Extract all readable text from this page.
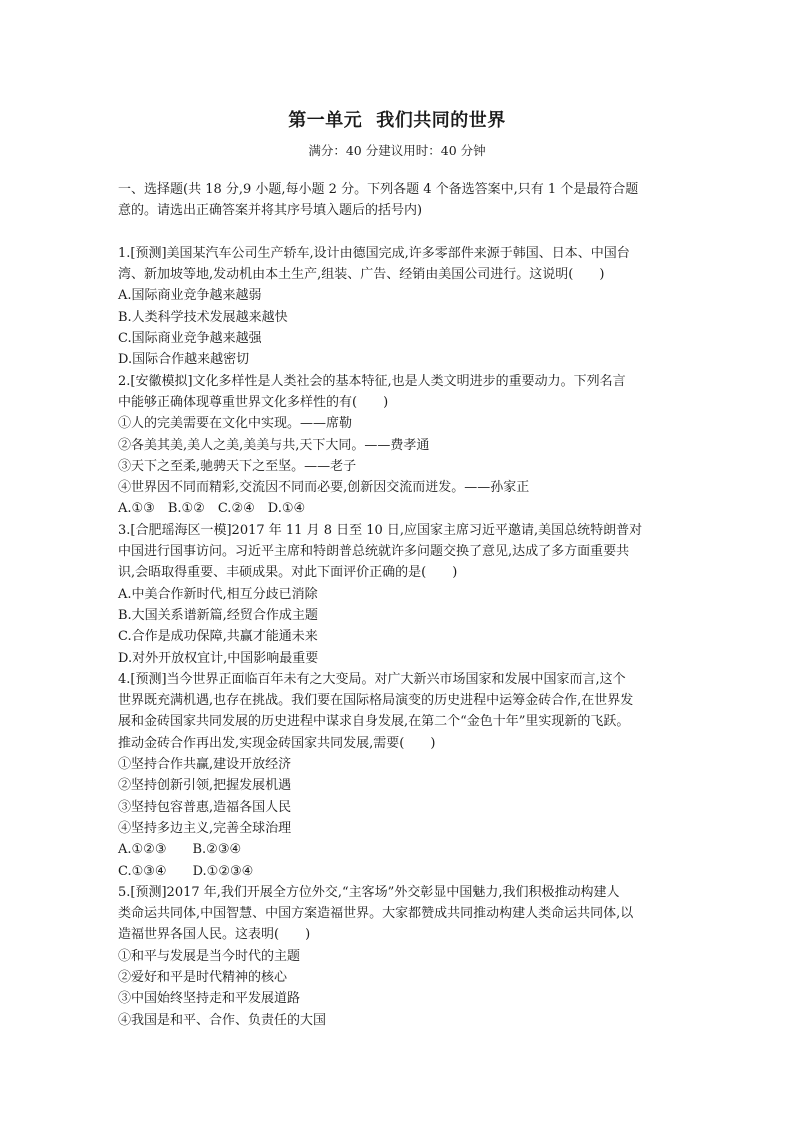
第一单元 我们共同的世界
满分：40 分建议用时：40 分钟

一、选择题(共 18 分,9 小题,每小题 2 分。下列各题 4 个备选答案中,只有 1 个是最符合题

意的。请选出正确答案并将其序号填入题后的括号内)

1.[预测]美国某汽车公司生产轿车,设计由德国完成,许多零部件来源于韩国、日本、中国台

湾、新加坡等地,发动机由本土生产,组装、广告、经销由美国公司进行。这说明(　　)

A.国际商业竞争越来越弱

B.人类科学技术发展越来越快

C.国际商业竞争越来越强

D.国际合作越来越密切

2.[安徽模拟]文化多样性是人类社会的基本特征,也是人类文明进步的重要动力。下列名言

中能够正确体现尊重世界文化多样性的有(　　)

①人的完美需要在文化中实现。——席勒

②各美其美,美人之美,美美与共,天下大同。——费孝通

③天下之至柔,驰骋天下之至坚。——老子

④世界因不同而精彩,交流因不同而必要,创新因交流而迸发。——孙家正

A.①③　B.①②　C.②④　D.①④

3.[合肥瑶海区一模]2017 年 11 月 8 日至 10 日,应国家主席习近平邀请,美国总统特朗普对

中国进行国事访问。习近平主席和特朗普总统就许多问题交换了意见,达成了多方面重要共

识,会晤取得重要、丰硕成果。对此下面评价正确的是(　　)

A.中美合作新时代,相互分歧已消除

B.大国关系谱新篇,经贸合作成主题

C.合作是成功保障,共赢才能通未来

D.对外开放权宜计,中国影响最重要

4.[预测]当今世界正面临百年未有之大变局。对广大新兴市场国家和发展中国家而言,这个

世界既充满机遇,也存在挑战。我们要在国际格局演变的历史进程中运筹金砖合作,在世界发

展和金砖国家共同发展的历史进程中谋求自身发展,在第二个“金色十年”里实现新的飞跃。

推动金砖合作再出发,实现金砖国家共同发展,需要(　　)

①坚持合作共赢,建设开放经济

②坚持创新引领,把握发展机遇

③坚持包容普惠,造福各国人民

④坚持多边主义,完善全球治理

A.①②③　　B.②③④

C.①③④　　D.①②③④

5.[预测]2017 年,我们开展全方位外交,“主客场”外交彰显中国魅力,我们积极推动构建人

类命运共同体,中国智慧、中国方案造福世界。大家都赞成共同推动构建人类命运共同体,以

造福世界各国人民。这表明(　　)

①和平与发展是当今时代的主题

②爱好和平是时代精神的核心

③中国始终坚持走和平发展道路

④我国是和平、合作、负责任的大国
